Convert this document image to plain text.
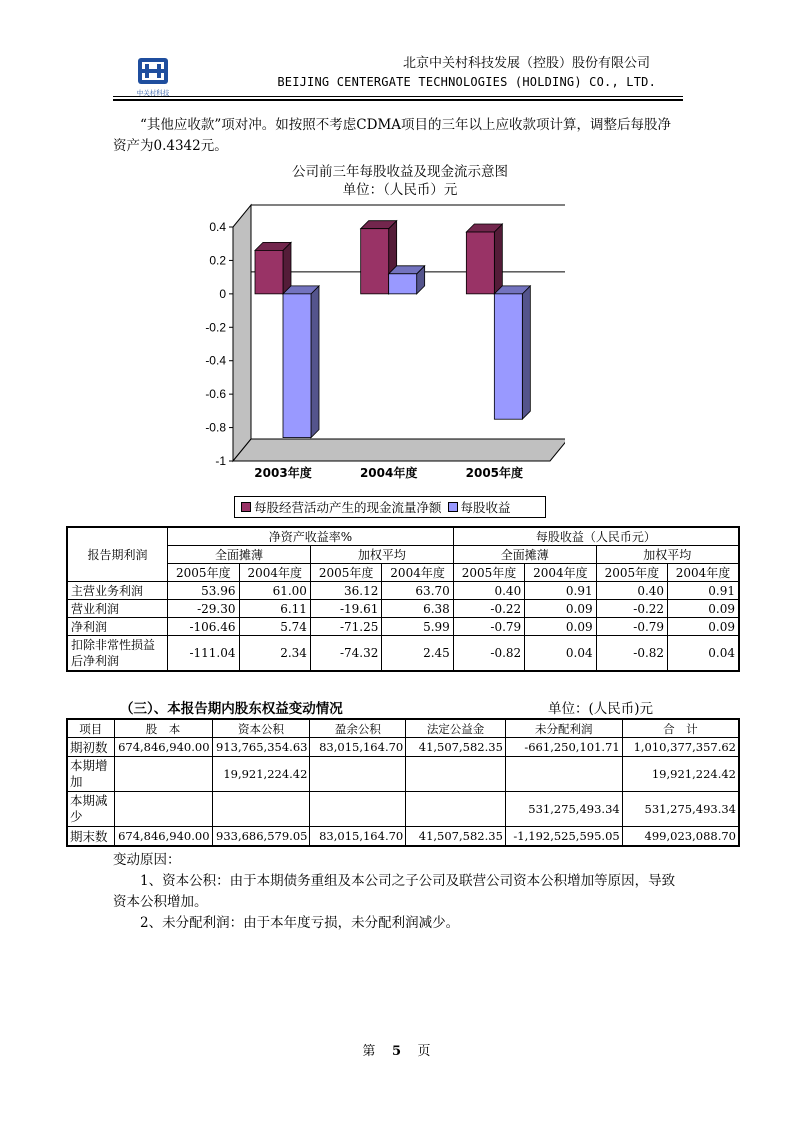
中关村科技
北京中关村科技发展（控股）股份有限公司
BEIJING CENTERGATE TECHNOLOGIES (HOLDING) CO., LTD.
“其他应收款”项对冲。如按照不考虑CDMA项目的三年以上应收款项计算，调整后每股净资产为0.4342元。
公司前三年每股收益及现金流示意图
单位：（人民币）元
0.4
0.2
0
-0.2
-0.4
-0.6
-0.8
-1
2003年度	2004年度	2005年度
每股经营活动产生的现金流量净额 每股收益
报告期利润	净资产收益率%				每股收益（人民币元）			
	全面摊薄		加权平均		全面摊薄		加权平均	
	2005年度	2004年度	2005年度	2004年度	2005年度	2004年度	2005年度	2004年度
主营业务利润	53.96	61.00	36.12	63.70	0.40	0.91	0.40	0.91
营业利润	-29.30	6.11	-19.61	6.38	-0.22	0.09	-0.22	0.09
净利润	-106.46	5.74	-71.25	5.99	-0.79	0.09	-0.79	0.09
扣除非常性损益后净利润	-111.04	2.34	-74.32	2.45	-0.82	0.04	-0.82	0.04
（三）、本报告期内股东权益变动情况	单位：(人民币)元
项目	股　本	资本公积	盈余公积	法定公益金	未分配利润	合　计
期初数	674,846,940.00	913,765,354.63	83,015,164.70	41,507,582.35	-661,250,101.71	1,010,377,357.62
本期增加		19,921,224.42				19,921,224.42
本期减少					531,275,493.34	531,275,493.34
期末数	674,846,940.00	933,686,579.05	83,015,164.70	41,507,582.35	-1,192,525,595.05	499,023,088.70
变动原因：
1、资本公积：由于本期债务重组及本公司之子公司及联营公司资本公积增加等原因，导致资本公积增加。
2、未分配利润：由于本年度亏损，未分配利润减少。
第 5 页
